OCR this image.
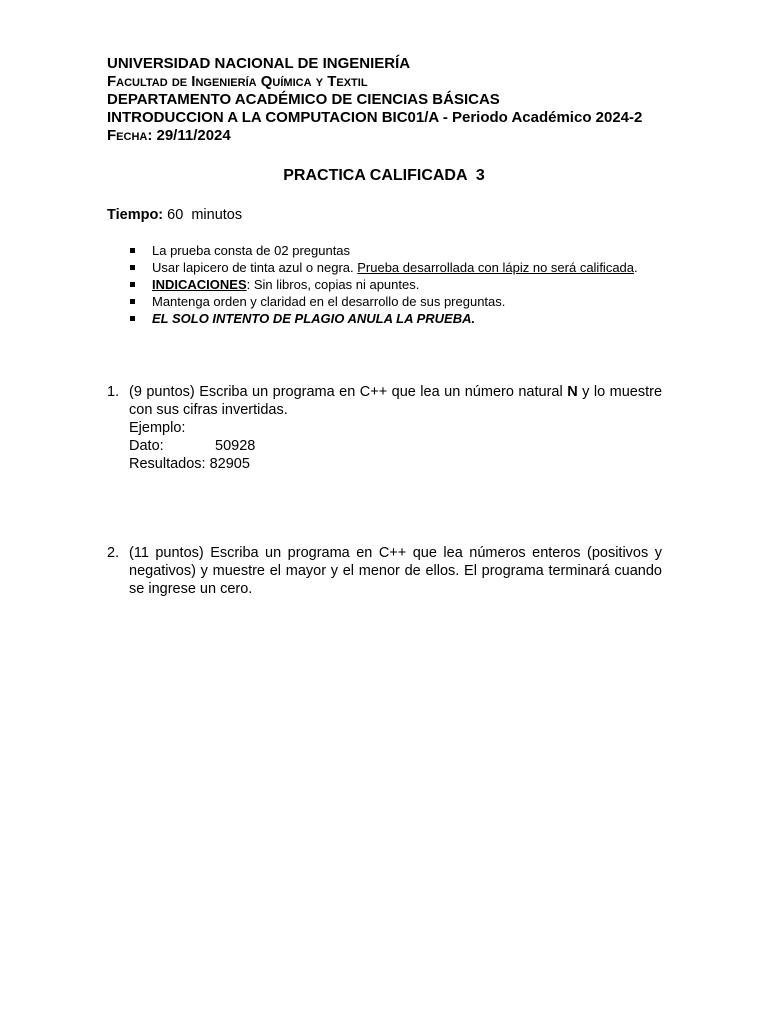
UNIVERSIDAD NACIONAL DE INGENIERÍA
Facultad de Ingeniería Química y Textil
DEPARTAMENTO ACADÉMICO DE CIENCIAS BÁSICAS
INTRODUCCION A LA COMPUTACION BIC01/A - Periodo Académico 2024-2
Fecha: 29/11/2024
PRACTICA CALIFICADA  3
Tiempo: 60  minutos
La prueba consta de 02 preguntas
Usar lapicero de tinta azul o negra. Prueba desarrollada con lápiz no será calificada.
INDICACIONES: Sin libros, copias ni apuntes.
Mantenga orden y claridad en el desarrollo de sus preguntas.
EL SOLO INTENTO DE PLAGIO ANULA LA PRUEBA.
1. (9 puntos) Escriba un programa en C++ que lea un número natural N y lo muestre con sus cifras invertidas.
Ejemplo:
Dato:	50928
Resultados: 82905
2. (11 puntos) Escriba un programa en C++ que lea números enteros (positivos y negativos) y muestre el mayor y el menor de ellos. El programa terminará cuando se ingrese un cero.
